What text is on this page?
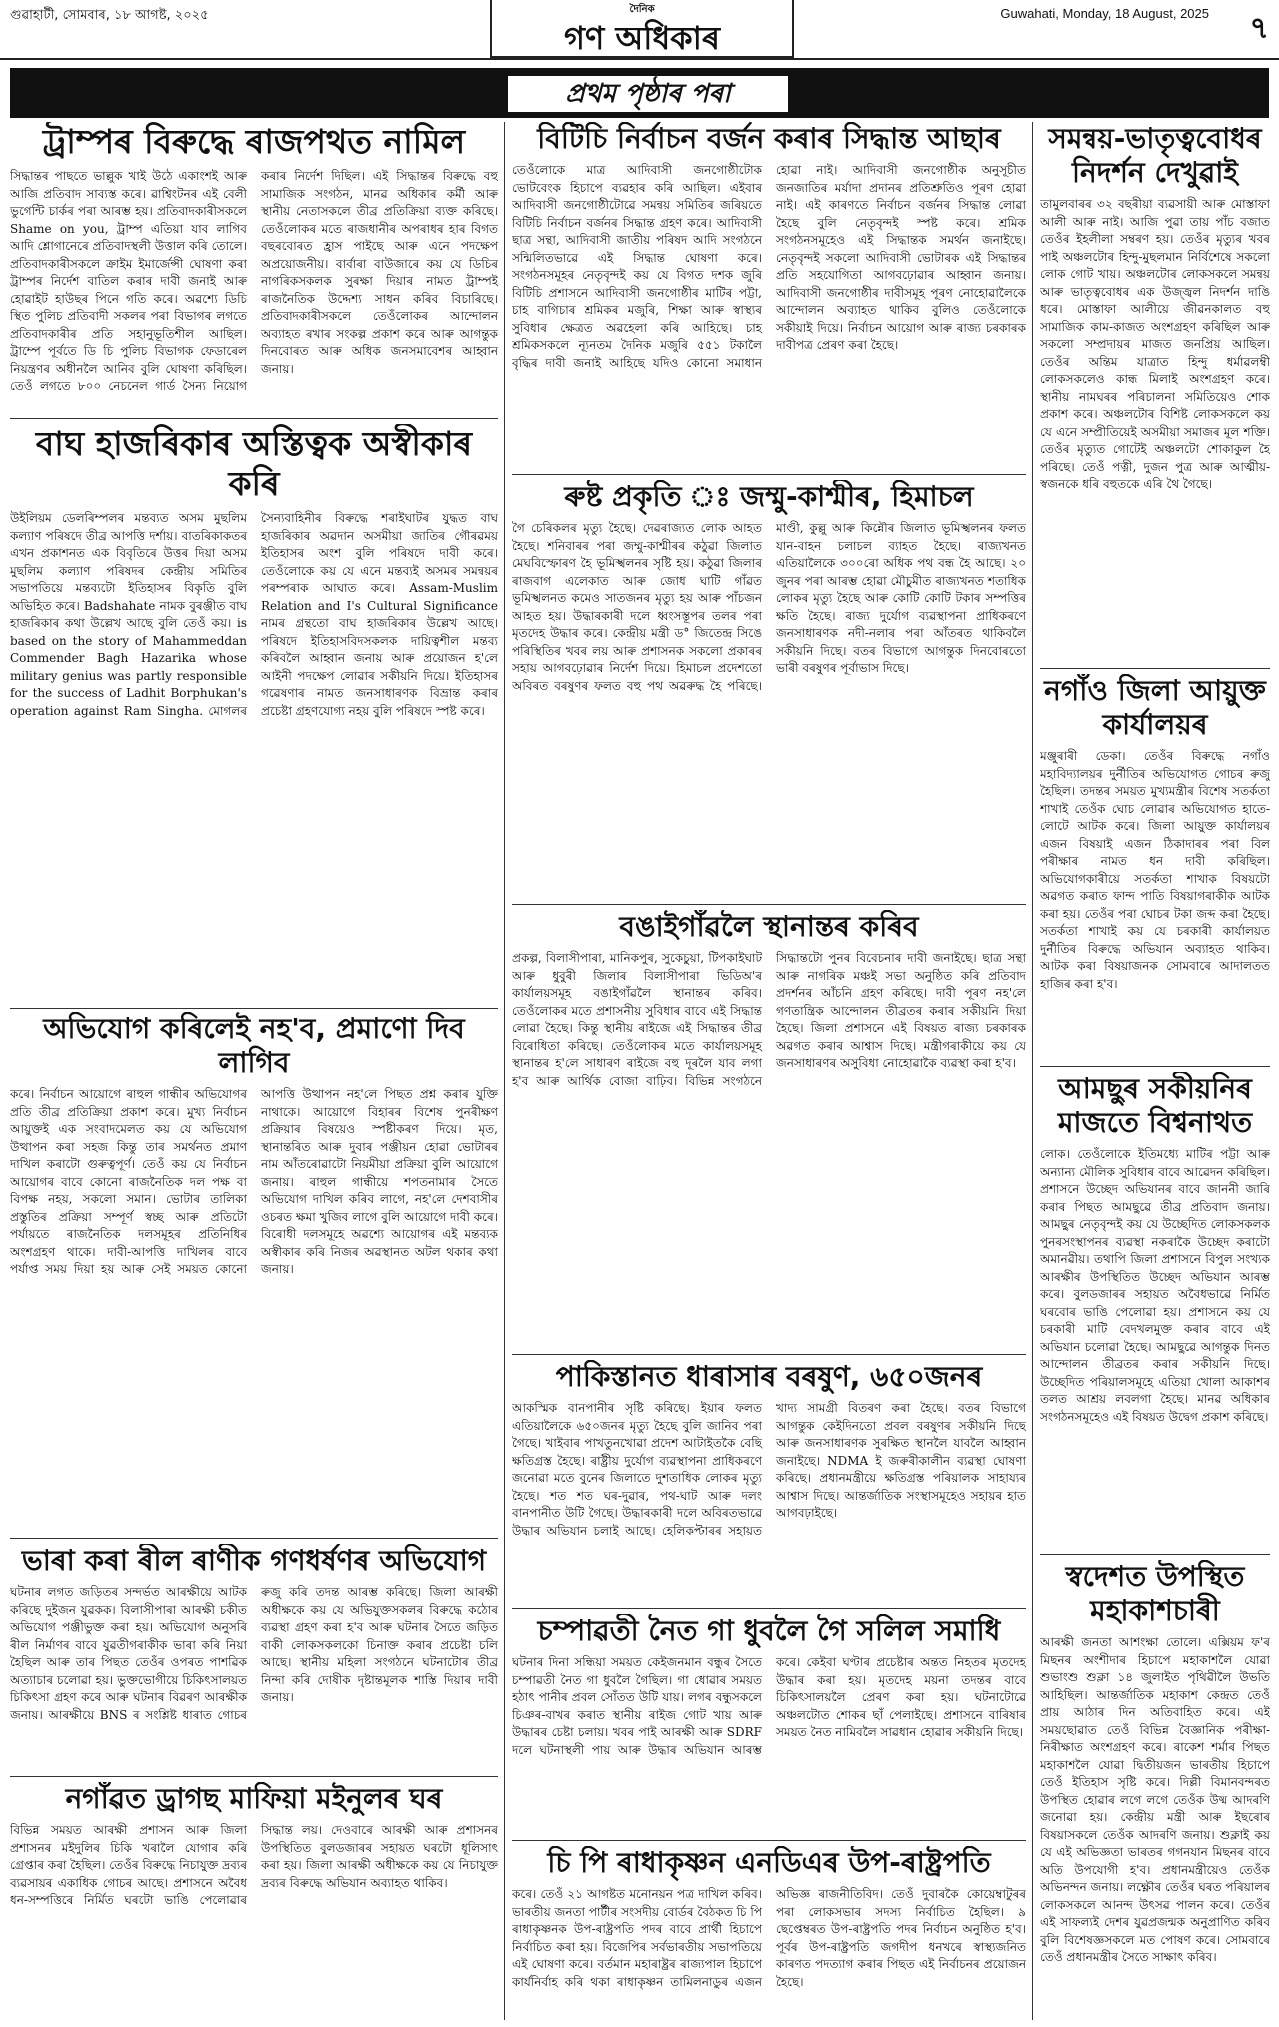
গুৱাহাটী, সোমবাৰ, ১৮ আগষ্ট, ২০২৫	দৈনিক
গণ অধিকাৰ
Guwahati, Monday, 18 August, 2025 ৭
প্ৰথম পৃষ্ঠাৰ পৰা
ট্ৰাম্পৰ বিৰুদ্ধে ৰাজপথত নামিল
সিদ্ধান্তৰ পাছতে ভাল্লুক খাই উঠে একাংশই আৰু আজি প্ৰতিবাদ সাব্যস্ত কৰে। ৱাশ্বিংটনৰ এই বেলী ভুগেন্টি চাৰ্কৰ পৰা আৰম্ভ হয়। প্ৰতিবাদকাৰীসকলে Shame on you, ট্ৰাম্প এতিয়া যাব লাগিব আদি শ্লোগানেৰে প্ৰতিবাদস্থলী উত্তাল কৰি তোলে। প্ৰতিবাদকাৰীসকলে ক্ৰাইম ইমাৰ্জেন্সী ঘোষণা কৰা ট্ৰাম্পৰ নিৰ্দেশ বাতিল কৰাৰ দাবী জনাই আৰু হোৱাইট হাউছৰ পিনে গতি কৰে। অৱশ্যে ডিচি স্থিত পুলিচ প্ৰতিবাদী সকলৰ পৰা বিভাগৰ লগতে প্ৰতিবাদকাৰীৰ প্ৰতি সহানুভূতিশীল আছিল। ট্ৰাম্পে পূৰ্বতে ডি চি পুলিচ বিভাগক ফেডাৰেল নিয়ন্ত্ৰণৰ অধীনলৈ আনিব বুলি ঘোষণা কৰিছিল। তেওঁ লগতে ৮০০ নেচনেল গাৰ্ড সৈন্য নিয়োগ কৰাৰ নিৰ্দেশ দিছিল। এই সিদ্ধান্তৰ বিৰুদ্ধে বহু সামাজিক সংগঠন, মানৱ অধিকাৰ কৰ্মী আৰু স্থানীয় নেতাসকলে তীব্ৰ প্ৰতিক্ৰিয়া ব্যক্ত কৰিছে। তেওঁলোকৰ মতে ৰাজধানীৰ অপৰাধৰ হাৰ বিগত বছৰবোৰত হ্ৰাস পাইছে আৰু এনে পদক্ষেপ অপ্ৰয়োজনীয়। বাৰ্বাৰা বাউজাৰে কয় যে ডিচিৰ নাগৰিকসকলক সুৰক্ষা দিয়াৰ নামত ট্ৰাম্পই ৰাজনৈতিক উদ্দেশ্য সাধন কৰিব বিচাৰিছে। প্ৰতিবাদকাৰীসকলে তেওঁলোকৰ আন্দোলন অব্যাহত ৰখাৰ সংকল্প প্ৰকাশ কৰে আৰু আগন্তুক দিনবোৰত আৰু অধিক জনসমাবেশৰ আহ্বান জনায়।
বাঘ হাজৰিকাৰ অস্তিত্বক অস্বীকাৰ কৰি
উইলিয়ম ডেলৰিম্পলৰ মন্তব্যত অসম মুছলিম কল্যাণ পৰিষদে তীব্ৰ আপত্তি দৰ্শায়। বাতৰিকাকতৰ এখন প্ৰকাশনত এক বিবৃতিৰে উত্তৰ দিয়া অসম মুছলিম কল্যাণ পৰিষদৰ কেন্দ্ৰীয় সমিতিৰ সভাপতিয়ে মন্তব্যটো ইতিহাসৰ বিকৃতি বুলি অভিহিত কৰে। Badshahate নামক বুৰঞ্জীত বাঘ হাজৰিকাৰ কথা উল্লেখ আছে বুলি তেওঁ কয়। is based on the story of Mahammeddan Commender Bagh Hazarika whose military genius was partly responsible for the success of Ladhit Borphukan's operation against Ram Singha. মোগলৰ সৈন্যবাহিনীৰ বিৰুদ্ধে শৰাইঘাটৰ যুদ্ধত বাঘ হাজৰিকাৰ অৱদান অসমীয়া জাতিৰ গৌৰৱময় ইতিহাসৰ অংশ বুলি পৰিষদে দাবী কৰে। তেওঁলোকে কয় যে এনে মন্তব্যই অসমৰ সমন্বয়ৰ পৰম্পৰাক আঘাত কৰে। Assam-Muslim Relation and I's Cultural Significance নামৰ গ্ৰন্থতো বাঘ হাজৰিকাৰ উল্লেখ আছে। পৰিষদে ইতিহাসবিদসকলক দায়িত্বশীল মন্তব্য কৰিবলৈ আহ্বান জনায় আৰু প্ৰয়োজন হ'লে আইনী পদক্ষেপ লোৱাৰ সকীয়নি দিয়ে। ইতিহাসৰ গৱেষণাৰ নামত জনসাধাৰণক বিভ্ৰান্ত কৰাৰ প্ৰচেষ্টা গ্ৰহণযোগ্য নহয় বুলি পৰিষদে স্পষ্ট কৰে।
অভিযোগ কৰিলেই নহ'ব, প্ৰমাণো দিব লাগিব
কৰে। নিৰ্বাচন আয়োগে ৰাহুল গান্ধীৰ অভিযোগৰ প্ৰতি তীব্ৰ প্ৰতিক্ৰিয়া প্ৰকাশ কৰে। মুখ্য নিৰ্বাচন আয়ুক্তই এক সংবাদমেলত কয় যে অভিযোগ উত্থাপন কৰা সহজ কিন্তু তাৰ সমৰ্থনত প্ৰমাণ দাখিল কৰাটো গুৰুত্বপূৰ্ণ। তেওঁ কয় যে নিৰ্বাচন আয়োগৰ বাবে কোনো ৰাজনৈতিক দল পক্ষ বা বিপক্ষ নহয়, সকলো সমান। ভোটাৰ তালিকা প্ৰস্তুতিৰ প্ৰক্ৰিয়া সম্পূৰ্ণ স্বচ্ছ আৰু প্ৰতিটো পৰ্যায়তে ৰাজনৈতিক দলসমূহৰ প্ৰতিনিধিৰ অংশগ্ৰহণ থাকে। দাবী-আপত্তি দাখিলৰ বাবে পৰ্যাপ্ত সময় দিয়া হয় আৰু সেই সময়ত কোনো আপত্তি উত্থাপন নহ'লে পিছত প্ৰশ্ন কৰাৰ যুক্তি নাথাকে। আয়োগে বিহাৰৰ বিশেষ পুনৰীক্ষণ প্ৰক্ৰিয়াৰ বিষয়েও স্পষ্টীকৰণ দিয়ে। মৃত, স্থানান্তৰিত আৰু দুবাৰ পঞ্জীয়ন হোৱা ভোটাৰৰ নাম আঁতৰোৱাটো নিয়মীয়া প্ৰক্ৰিয়া বুলি আয়োগে জনায়। ৰাহুল গান্ধীয়ে শপতনামাৰ সৈতে অভিযোগ দাখিল কৰিব লাগে, নহ'লে দেশবাসীৰ ওচৰত ক্ষমা খুজিব লাগে বুলি আয়োগে দাবী কৰে। বিৰোধী দলসমূহে অৱশ্যে আয়োগৰ এই মন্তব্যক অস্বীকাৰ কৰি নিজৰ অৱস্থানত অটল থকাৰ কথা জনায়।
ভাৰা কৰা ৰীল ৰাণীক গণধৰ্ষণৰ অভিযোগ
ঘটনাৰ লগত জড়িতৰ সন্দৰ্ভত আৰক্ষীয়ে আটক কৰিছে দুইজন যুৱকক। বিলাসীপাৰা আৰক্ষী চকীত অভিযোগ পঞ্জীভুক্ত কৰা হয়। অভিযোগ অনুসৰি ৰীল নিৰ্মাণৰ বাবে যুৱতীগৰাকীক ভাৰা কৰি নিয়া হৈছিল আৰু তাৰ পিছত তেওঁৰ ওপৰত পাশৱিক অত্যাচাৰ চলোৱা হয়। ভুক্তভোগীয়ে চিকিৎসালয়ত চিকিৎসা গ্ৰহণ কৰে আৰু ঘটনাৰ বিৱৰণ আৰক্ষীক জনায়। আৰক্ষীয়ে BNS ৰ সংশ্লিষ্ট ধাৰাত গোচৰ ৰুজু কৰি তদন্ত আৰম্ভ কৰিছে। জিলা আৰক্ষী অধীক্ষকে কয় যে অভিযুক্তসকলৰ বিৰুদ্ধে কঠোৰ ব্যৱস্থা গ্ৰহণ কৰা হ'ব আৰু ঘটনাৰ সৈতে জড়িত বাকী লোকসকলকো চিনাক্ত কৰাৰ প্ৰচেষ্টা চলি আছে। স্থানীয় মহিলা সংগঠনে ঘটনাটোৰ তীব্ৰ নিন্দা কৰি দোষীক দৃষ্টান্তমূলক শাস্তি দিয়াৰ দাবী জনায়।
নগাঁৱত ড্ৰাগছ মাফিয়া মইনুলৰ ঘৰ
বিভিন্ন সময়ত আৰক্ষী প্ৰশাসন আৰু জিলা প্ৰশাসনৰ মইদুলিৰ চিকি খৰালৈ যোগাৰ কৰি গ্ৰেপ্তাৰ কৰা হৈছিল। তেওঁৰ বিৰুদ্ধে নিচাযুক্ত দ্ৰব্যৰ ব্যৱসায়ৰ একাধিক গোচৰ আছে। প্ৰশাসনে অবৈধ ধন-সম্পত্তিৰে নিৰ্মিত ঘৰটো ভাঙি পেলোৱাৰ সিদ্ধান্ত লয়। দেওবাৰে আৰক্ষী আৰু প্ৰশাসনৰ উপস্থিতিত বুলডজাৰৰ সহায়ত ঘৰটো ধূলিসাৎ কৰা হয়। জিলা আৰক্ষী অধীক্ষকে কয় যে নিচাযুক্ত দ্ৰব্যৰ বিৰুদ্ধে অভিযান অব্যাহত থাকিব।
বিটিচি নিৰ্বাচন বৰ্জন কৰাৰ সিদ্ধান্ত আছাৰ
তেওঁলোকে মাত্ৰ আদিবাসী জনগোষ্ঠীটোক ভোটবেংক হিচাপে ব্যৱহাৰ কৰি আছিল। এইবাৰ আদিবাসী জনগোষ্ঠীটোৱে সমন্বয় সমিতিৰ জৰিয়তে বিটিচি নিৰ্বাচন বৰ্জনৰ সিদ্ধান্ত গ্ৰহণ কৰে। আদিবাসী ছাত্ৰ সন্থা, আদিবাসী জাতীয় পৰিষদ আদি সংগঠনে সন্মিলিতভাৱে এই সিদ্ধান্ত ঘোষণা কৰে। সংগঠনসমূহৰ নেতৃবৃন্দই কয় যে বিগত দশক জুৰি বিটিচি প্ৰশাসনে আদিবাসী জনগোষ্ঠীৰ মাটিৰ পট্টা, চাহ বাগিচাৰ শ্ৰমিকৰ মজুৰি, শিক্ষা আৰু স্বাস্থ্যৰ সুবিধাৰ ক্ষেত্ৰত অৱহেলা কৰি আহিছে। চাহ শ্ৰমিকসকলে ন্যূনতম দৈনিক মজুৰি ৫৫১ টকালৈ বৃদ্ধিৰ দাবী জনাই আহিছে যদিও কোনো সমাধান হোৱা নাই। আদিবাসী জনগোষ্ঠীক অনুসূচীত জনজাতিৰ মৰ্যাদা প্ৰদানৰ প্ৰতিশ্ৰুতিও পূৰণ হোৱা নাই। এই কাৰণতে নিৰ্বাচন বৰ্জনৰ সিদ্ধান্ত লোৱা হৈছে বুলি নেতৃবৃন্দই স্পষ্ট কৰে। শ্ৰমিক সংগঠনসমূহেও এই সিদ্ধান্তক সমৰ্থন জনাইছে। নেতৃবৃন্দই সকলো আদিবাসী ভোটাৰক এই সিদ্ধান্তৰ প্ৰতি সহযোগিতা আগবঢ়োৱাৰ আহ্বান জনায়। আদিবাসী জনগোষ্ঠীৰ দাবীসমূহ পূৰণ নোহোৱালৈকে আন্দোলন অব্যাহত থাকিব বুলিও তেওঁলোকে সকীয়াই দিয়ে। নিৰ্বাচন আয়োগ আৰু ৰাজ্য চৰকাৰক দাবীপত্ৰ প্ৰেৰণ কৰা হৈছে।
ৰুষ্ট প্ৰকৃতি ঃ জম্মু-কাশ্মীৰ, হিমাচল
গৈ চেৰিকলৰ মৃত্যু হৈছে। দেৱৰাজ্যত লোক আহত হৈছে। শনিবাৰৰ পৰা জম্মু-কাশ্মীৰৰ কঠুৱা জিলাত মেঘবিস্ফোৰণ হৈ ভূমিস্খলনৰ সৃষ্টি হয়। কঠুৱা জিলাৰ ৰাজবাগ এলেকাত আৰু জোধ ঘাটি গাঁৱত ভূমিস্খলনত কমেও সাতজনৰ মৃত্যু হয় আৰু পাঁচজন আহত হয়। উদ্ধাৰকাৰী দলে ধ্বংসস্তূপৰ তলৰ পৰা মৃতদেহ উদ্ধাৰ কৰে। কেন্দ্ৰীয় মন্ত্ৰী ড° জিতেন্দ্ৰ সিঙে পৰিস্থিতিৰ খবৰ লয় আৰু প্ৰশাসনক সকলো প্ৰকাৰৰ সহায় আগবঢ়োৱাৰ নিৰ্দেশ দিয়ে। হিমাচল প্ৰদেশতো অবিৰত বৰষুণৰ ফলত বহু পথ অৱৰুদ্ধ হৈ পৰিছে। মাণ্ডী, কুল্লু আৰু কিন্নৌৰ জিলাত ভূমিস্খলনৰ ফলত যান-বাহন চলাচল ব্যাহত হৈছে। ৰাজ্যখনত এতিয়ালৈকে ৩০০ৰো অধিক পথ বন্ধ হৈ আছে। ২০ জুনৰ পৰা আৰম্ভ হোৱা মৌচুমীত ৰাজ্যখনত শতাধিক লোকৰ মৃত্যু হৈছে আৰু কোটি কোটি টকাৰ সম্পত্তিৰ ক্ষতি হৈছে। ৰাজ্য দুৰ্যোগ ব্যৱস্থাপনা প্ৰাধিকৰণে জনসাধাৰণক নদী-নলাৰ পৰা আঁতৰত থাকিবলৈ সকীয়নি দিছে। বতৰ বিভাগে আগন্তুক দিনবোৰতো ভাৰী বৰষুণৰ পূৰ্বাভাস দিছে।
বঙাইগাঁৱলৈ স্থানান্তৰ কৰিব
প্ৰকল্প, বিলাসীপাৰা, মানিকপুৰ, সুকেচুয়া, টিপকাইঘাট আৰু ধুবুৰী জিলাৰ বিলাসীপাৰা ভিডিঅ'ৰ কাৰ্যালয়সমূহ বঙাইগাঁৱলৈ স্থানান্তৰ কৰিব। তেওঁলোকৰ মতে প্ৰশাসনীয় সুবিধাৰ বাবে এই সিদ্ধান্ত লোৱা হৈছে। কিন্তু স্থানীয় ৰাইজে এই সিদ্ধান্তৰ তীব্ৰ বিৰোধিতা কৰিছে। তেওঁলোকৰ মতে কাৰ্যালয়সমূহ স্থানান্তৰ হ'লে সাধাৰণ ৰাইজে বহু দূৰলৈ যাব লগা হ'ব আৰু আৰ্থিক বোজা বাঢ়িব। বিভিন্ন সংগঠনে সিদ্ধান্তটো পুনৰ বিবেচনাৰ দাবী জনাইছে। ছাত্ৰ সন্থা আৰু নাগৰিক মঞ্চই সভা অনুষ্ঠিত কৰি প্ৰতিবাদ প্ৰদৰ্শনৰ আঁচনি গ্ৰহণ কৰিছে। দাবী পূৰণ নহ'লে গণতান্ত্ৰিক আন্দোলন তীব্ৰতৰ কৰাৰ সকীয়নি দিয়া হৈছে। জিলা প্ৰশাসনে এই বিষয়ত ৰাজ্য চৰকাৰক অৱগত কৰাৰ আশ্বাস দিছে। মন্ত্ৰীগৰাকীয়ে কয় যে জনসাধাৰণৰ অসুবিধা নোহোৱাকৈ ব্যৱস্থা কৰা হ'ব।
পাকিস্তানত ধাৰাসাৰ বৰষুণ, ৬৫০জনৰ
আকস্মিক বানপানীৰ সৃষ্টি কৰিছে। ইয়াৰ ফলত এতিয়ালৈকে ৬৫০জনৰ মৃত্যু হৈছে বুলি জানিব পৰা গৈছে। খাইবাৰ পাখতুনখোৱা প্ৰদেশ আটাইতকৈ বেছি ক্ষতিগ্ৰস্ত হৈছে। ৰাষ্ট্ৰীয় দুৰ্যোগ ব্যৱস্থাপনা প্ৰাধিকৰণে জনোৱা মতে বুনেৰ জিলাতে দুশতাধিক লোকৰ মৃত্যু হৈছে। শত শত ঘৰ-দুৱাৰ, পথ-ঘাট আৰু দলং বানপানীত উটি গৈছে। উদ্ধাৰকাৰী দলে অবিৰতভাৱে উদ্ধাৰ অভিযান চলাই আছে। হেলিকপ্টাৰৰ সহায়ত খাদ্য সামগ্ৰী বিতৰণ কৰা হৈছে। বতৰ বিভাগে আগন্তুক কেইদিনতো প্ৰবল বৰষুণৰ সকীয়নি দিছে আৰু জনসাধাৰণক সুৰক্ষিত স্থানলৈ যাবলৈ আহ্বান জনাইছে। NDMA ই জৰুৰীকালীন ব্যৱস্থা ঘোষণা কৰিছে। প্ৰধানমন্ত্ৰীয়ে ক্ষতিগ্ৰস্ত পৰিয়ালক সাহায্যৰ আশ্বাস দিছে। আন্তৰ্জাতিক সংস্থাসমূহেও সহায়ৰ হাত আগবঢ়াইছে।
চম্পাৱতী নৈত গা ধুবলৈ গৈ সলিল সমাধি
ঘটনাৰ দিনা সন্ধিয়া সময়ত কেইজনমান বন্ধুৰ সৈতে চম্পাৱতী নৈত গা ধুবলৈ গৈছিল। গা ধোৱাৰ সময়ত হঠাৎ পানীৰ প্ৰবল সোঁতত উটি যায়। লগৰ বন্ধুসকলে চিঞৰ-বাখৰ কৰাত স্থানীয় ৰাইজ গোট খায় আৰু উদ্ধাৰৰ চেষ্টা চলায়। খবৰ পাই আৰক্ষী আৰু SDRF দলে ঘটনাস্থলী পায় আৰু উদ্ধাৰ অভিযান আৰম্ভ কৰে। কেইবা ঘণ্টাৰ প্ৰচেষ্টাৰ অন্তত নিহতৰ মৃতদেহ উদ্ধাৰ কৰা হয়। মৃতদেহ ময়না তদন্তৰ বাবে চিকিৎসালয়লৈ প্ৰেৰণ কৰা হয়। ঘটনাটোৱে অঞ্চলটোত শোকৰ ছাঁ পেলাইছে। প্ৰশাসনে বাৰিষাৰ সময়ত নৈত নামিবলৈ সাৱধান হোৱাৰ সকীয়নি দিছে।
চি পি ৰাধাকৃষ্ণন এনডিএৰ উপ-ৰাষ্ট্ৰপতি
কৰে। তেওঁ ২১ আগষ্টত মনোনয়ন পত্ৰ দাখিল কৰিব। ভাৰতীয় জনতা পাৰ্টীৰ সংসদীয় বোৰ্ডৰ বৈঠকত চি পি ৰাধাকৃষ্ণনক উপ-ৰাষ্ট্ৰপতি পদৰ বাবে প্ৰাৰ্থী হিচাপে নিৰ্বাচিত কৰা হয়। বিজেপিৰ সৰ্বভাৰতীয় সভাপতিয়ে এই ঘোষণা কৰে। বৰ্তমান মহাৰাষ্ট্ৰৰ ৰাজ্যপাল হিচাপে কাৰ্যনিৰ্বাহ কৰি থকা ৰাধাকৃষ্ণন তামিলনাডুৰ এজন অভিজ্ঞ ৰাজনীতিবিদ। তেওঁ দুবাৰকৈ কোয়েম্বাটুৰৰ পৰা লোকসভাৰ সদস্য নিৰ্বাচিত হৈছিল। ৯ ছেপ্তেম্বৰত উপ-ৰাষ্ট্ৰপতি পদৰ নিৰ্বাচন অনুষ্ঠিত হ'ব। পূৰ্বৰ উপ-ৰাষ্ট্ৰপতি জগদীপ ধনখৰে স্বাস্থ্যজনিত কাৰণত পদত্যাগ কৰাৰ পিছত এই নিৰ্বাচনৰ প্ৰয়োজন হৈছে।
সমন্বয়-ভাতৃত্ববোধৰ নিদৰ্শন দেখুৱাই
তামুলবাৰৰ ৩২ বছৰীয়া ব্যৱসায়ী আৰু মোস্তাফা আলী আৰু নাই। আজি পুৱা তায় পাঁচ বজাত তেওঁৰ ইহলীলা সম্বৰণ হয়। তেওঁৰ মৃত্যুৰ খবৰ পাই অঞ্চলটোৰ হিন্দু-মুছলমান নিৰ্বিশেষে সকলো লোক গোট খায়। অঞ্চলটোৰ লোকসকলে সমন্বয় আৰু ভাতৃত্ববোধৰ এক উজ্জ্বল নিদৰ্শন দাঙি ধৰে। মোস্তাফা আলীয়ে জীৱনকালত বহু সামাজিক কাম-কাজত অংশগ্ৰহণ কৰিছিল আৰু সকলো সম্প্ৰদায়ৰ মাজত জনপ্ৰিয় আছিল। তেওঁৰ অন্তিম যাত্ৰাত হিন্দু ধৰ্মাৱলম্বী লোকসকলেও কান্ধ মিলাই অংশগ্ৰহণ কৰে। স্থানীয় নামঘৰৰ পৰিচালনা সমিতিয়েও শোক প্ৰকাশ কৰে। অঞ্চলটোৰ বিশিষ্ট লোকসকলে কয় যে এনে সম্প্ৰীতিয়েই অসমীয়া সমাজৰ মূল শক্তি। তেওঁৰ মৃত্যুত গোটেই অঞ্চলটো শোকাকুল হৈ পৰিছে। তেওঁ পত্নী, দুজন পুত্ৰ আৰু আত্মীয়-স্বজনকে ধৰি বহুতকে এৰি থৈ গৈছে।
নগাঁও জিলা আয়ুক্ত কাৰ্যালয়ৰ
মঞ্জুৰাৰী ডেকা। তেওঁৰ বিৰুদ্ধে নগাঁও মহাবিদ্যালয়ৰ দুৰ্নীতিৰ অভিযোগত গোচৰ ৰুজু হৈছিল। তদন্তৰ সময়ত মুখ্যমন্ত্ৰীৰ বিশেষ সতৰ্কতা শাখাই তেওঁক ঘোচ লোৱাৰ অভিযোগত হাতে-লোটে আটক কৰে। জিলা আয়ুক্ত কাৰ্যালয়ৰ এজন বিষয়াই এজন ঠিকাদাৰৰ পৰা বিল পৰীক্ষাৰ নামত ধন দাবী কৰিছিল। অভিযোগকাৰীয়ে সতৰ্কতা শাখাক বিষয়টো অৱগত কৰাত ফান্দ পাতি বিষয়াগৰাকীক আটক কৰা হয়। তেওঁৰ পৰা ঘোচৰ টকা জব্দ কৰা হৈছে। সতৰ্কতা শাখাই কয় যে চৰকাৰী কাৰ্যালয়ত দুৰ্নীতিৰ বিৰুদ্ধে অভিযান অব্যাহত থাকিব। আটক কৰা বিষয়াজনক সোমবাৰে আদালতত হাজিৰ কৰা হ'ব।
আমছুৰ সকীয়নিৰ মাজতে বিশ্বনাথত
লোক। তেওঁলোকে ইতিমধ্যে মাটিৰ পট্টা আৰু অন্যান্য মৌলিক সুবিধাৰ বাবে আৱেদন কৰিছিল। প্ৰশাসনে উচ্ছেদ অভিযানৰ বাবে জাননী জাৰি কৰাৰ পিছত আমছুৱে তীব্ৰ প্ৰতিবাদ জনায়। আমছুৰ নেতৃবৃন্দই কয় যে উচ্ছেদিত লোকসকলক পুনৰসংস্থাপনৰ ব্যৱস্থা নকৰাকৈ উচ্ছেদ কৰাটো অমানৱীয়। তথাপি জিলা প্ৰশাসনে বিপুল সংখ্যক আৰক্ষীৰ উপস্থিতিত উচ্ছেদ অভিযান আৰম্ভ কৰে। বুলডজাৰৰ সহায়ত অবৈধভাৱে নিৰ্মিত ঘৰবোৰ ভাঙি পেলোৱা হয়। প্ৰশাসনে কয় যে চৰকাৰী মাটি বেদখলমুক্ত কৰাৰ বাবে এই অভিযান চলোৱা হৈছে। আমছুৱে আগন্তুক দিনত আন্দোলন তীব্ৰতৰ কৰাৰ সকীয়নি দিছে। উচ্ছেদিত পৰিয়ালসমূহে এতিয়া খোলা আকাশৰ তলত আশ্ৰয় লবলগা হৈছে। মানৱ অধিকাৰ সংগঠনসমূহেও এই বিষয়ত উদ্বেগ প্ৰকাশ কৰিছে।
স্বদেশত উপস্থিত মহাকাশচাৰী
আৰক্ষী জনতা আশংক্ষা তোলে। এক্সিয়ম ফ'ৰ মিছনৰ অংশীদাৰ হিচাপে মহাকাশলৈ যোৱা শুভাংশু শুক্লা ১৪ জুলাইত পৃথিৱীলৈ উভতি আহিছিল। আন্তৰ্জাতিক মহাকাশ কেন্দ্ৰত তেওঁ প্ৰায় আঠাৰ দিন অতিবাহিত কৰে। এই সময়ছোৱাত তেওঁ বিভিন্ন বৈজ্ঞানিক পৰীক্ষা-নিৰীক্ষাত অংশগ্ৰহণ কৰে। ৰাকেশ শৰ্মাৰ পিছত মহাকাশলৈ যোৱা দ্বিতীয়জন ভাৰতীয় হিচাপে তেওঁ ইতিহাস সৃষ্টি কৰে। দিল্লী বিমানবন্দৰত উপস্থিত হোৱাৰ লগে লগে তেওঁক উষ্ম আদৰণি জনোৱা হয়। কেন্দ্ৰীয় মন্ত্ৰী আৰু ইছৰোৰ বিষয়াসকলে তেওঁক আদৰণি জনায়। শুক্লাই কয় যে এই অভিজ্ঞতা ভাৰতৰ গগনযান মিছনৰ বাবে অতি উপযোগী হ'ব। প্ৰধানমন্ত্ৰীয়েও তেওঁক অভিনন্দন জনায়। লক্ষ্ণৌৰ তেওঁৰ ঘৰত পৰিয়ালৰ লোকসকলে আনন্দ উৎসৱ পালন কৰে। তেওঁৰ এই সাফল্যই দেশৰ যুৱপ্ৰজন্মক অনুপ্ৰাণিত কৰিব বুলি বিশেষজ্ঞসকলে মত পোষণ কৰে। সোমবাৰে তেওঁ প্ৰধানমন্ত্ৰীৰ সৈতে সাক্ষাৎ কৰিব।
